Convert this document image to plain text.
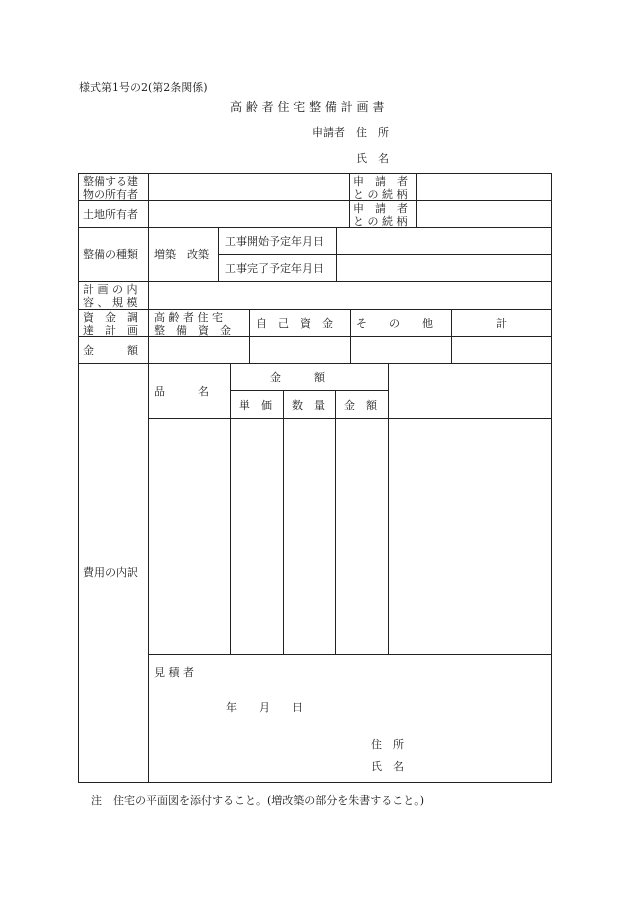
様式第1号の2(第2条関係)
高 齢 者 住 宅 整 備 計 画 書
申請者　住　所
氏　名
整備する建
物の所有者
申　請　者
と の 続 柄
土地所有者	申　請　者
と の 続 柄
整備の種類 増築　改築
工事開始予定年月日
工事完了予定年月日
計 画 の 内
容 、 規 模
資　金　調
達　計　画
高 齢 者 住 宅
整　備　資　金
自　己　資　金 そ　　の　　他	計
金　　　額
費用の内訳
品　　　名
金　　　額
単　価 数　量 金　額
見 積 者
年　　月　　日
住　所
氏　名
注　住宅の平面図を添付すること。(増改築の部分を朱書すること。)
